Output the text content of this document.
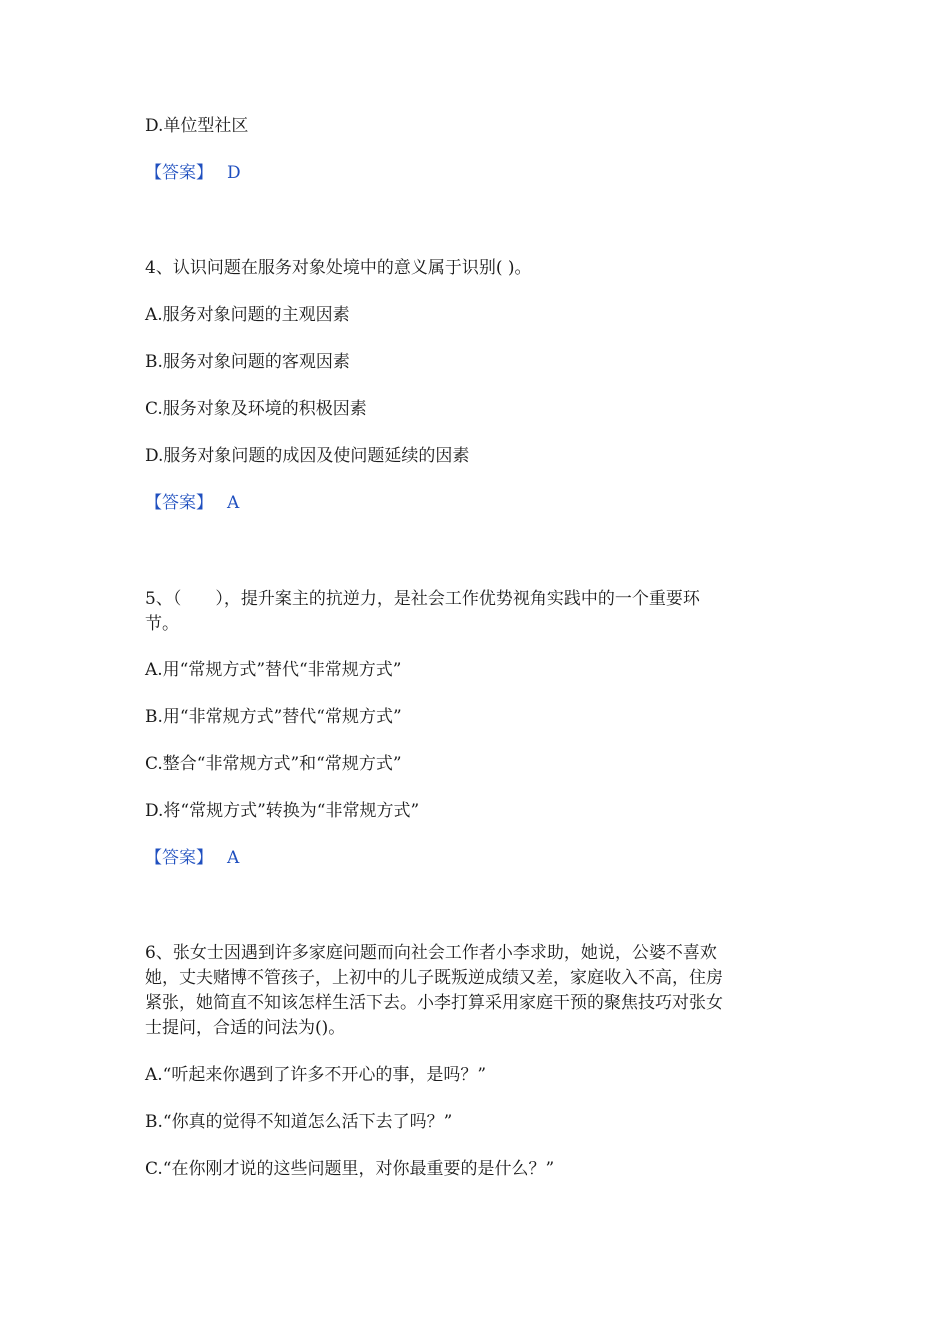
D.单位型社区
【答案】 D
4、认识问题在服务对象处境中的意义属于识别( )。
A.服务对象问题的主观因素
B.服务对象问题的客观因素
C.服务对象及环境的积极因素
D.服务对象问题的成因及使问题延续的因素
【答案】 A
5、（　　），提升案主的抗逆力，是社会工作优势视角实践中的一个重要环
节。
A.用“常规方式”替代“非常规方式”
B.用“非常规方式”替代“常规方式”
C.整合“非常规方式”和“常规方式”
D.将“常规方式”转换为“非常规方式”
【答案】 A
6、张女士因遇到许多家庭问题而向社会工作者小李求助，她说，公婆不喜欢
她，丈夫赌博不管孩子，上初中的儿子既叛逆成绩又差，家庭收入不高，住房
紧张，她简直不知该怎样生活下去。小李打算采用家庭干预的聚焦技巧对张女
士提问，合适的问法为()。
A.“听起来你遇到了许多不开心的事，是吗？”
B.“你真的觉得不知道怎么活下去了吗？”
C.“在你刚才说的这些问题里，对你最重要的是什么？”
